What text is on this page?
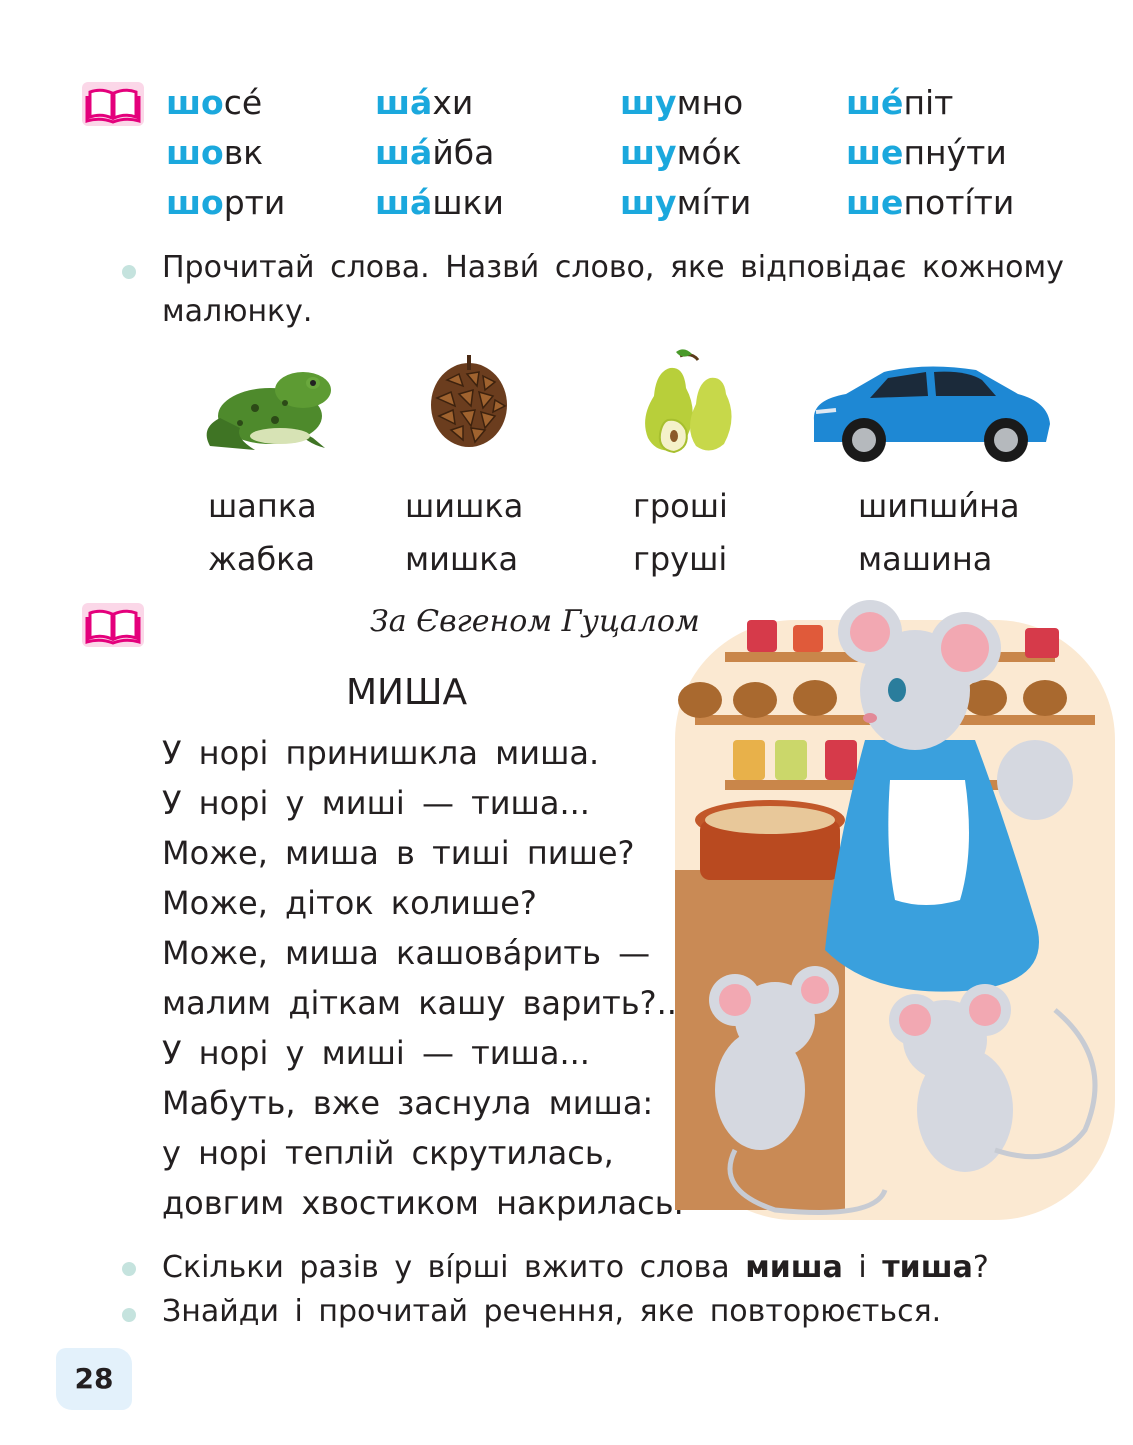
шосе́
шовк
шорти
ша́хи
ша́йба
ша́шки
шумно
шумо́к
шумі́ти
ше́піт
шепну́ти
шепотíти
Прочитай слова. Назви́ слово, яке відповідає кожному
малюнку.
шапка
жабка
шишка
мишка
гроші
груші
шипши́на
машина
За Євгеном Гуцалом
МИША
У норі принишкла миша.
У норі у миші — тиша...
Може, миша в тиші пише?
Може, діток колише?
Може, миша кашова́рить —
малим діткам кашу варить?..
У норі у миші — тиша...
Мабуть, вже заснула миша:
у норі теплій скрутилась,
довгим хвостиком накрилась.
Скільки разів у ві́рші вжито слова миша і тиша?
Знайди і прочитай речення, яке повторюється.
28
